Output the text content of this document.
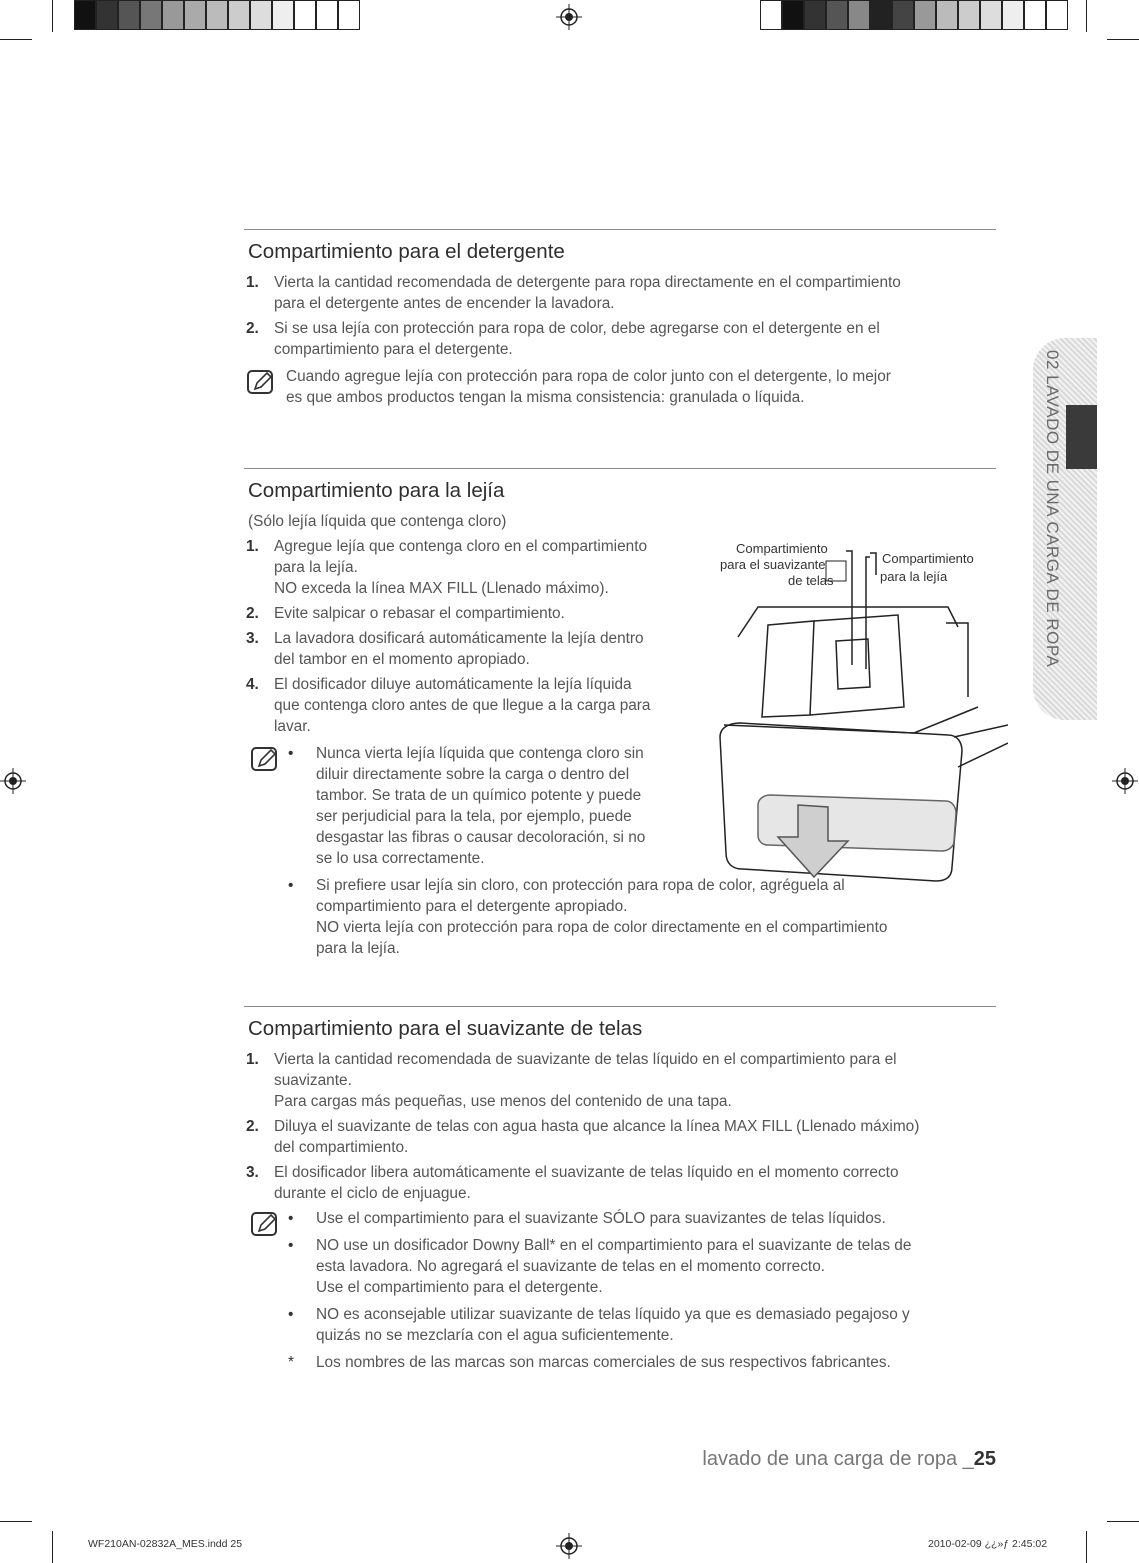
Compartimiento para el detergente
1. Vierta la cantidad recomendada de detergente para ropa directamente en el compartimiento

para el detergente antes de encender la lavadora.

2. Si se usa lejía con protección para ropa de color, debe agregarse con el detergente en el

compartimiento para el detergente.

Cuando agregue lejía con protección para ropa de color junto con el detergente, lo mejor

es que ambos productos tengan la misma consistencia: granulada o líquida.

Compartimiento para la lejía

(Sólo lejía líquida que contenga cloro)

1. Agregue lejía que contenga cloro en el compartimiento

para la lejía.

NO exceda la línea MAX FILL (Llenado máximo).

2. Evite salpicar o rebasar el compartimiento.

3. La lavadora dosificará automáticamente la lejía dentro

del tambor en el momento apropiado.

4. El dosificador diluye automáticamente la lejía líquida

que contenga cloro antes de que llegue a la carga para

lavar.

• Nunca vierta lejía líquida que contenga cloro sin

diluir directamente sobre la carga o dentro del

tambor. Se trata de un químico potente y puede

ser perjudicial para la tela, por ejemplo, puede

desgastar las fibras o causar decoloración, si no

se lo usa correctamente.

• Si prefiere usar lejía sin cloro, con protección para ropa de color, agréguela al

compartimiento para el detergente apropiado.

NO vierta lejía con protección para ropa de color directamente en el compartimiento

para la lejía.

Compartimiento
para el suavizante
de telas
Compartimiento
para la lejía
Compartimiento para el suavizante de telas
1. Vierta la cantidad recomendada de suavizante de telas líquido en el compartimiento para el

suavizante.

Para cargas más pequeñas, use menos del contenido de una tapa.

2. Diluya el suavizante de telas con agua hasta que alcance la línea MAX FILL (Llenado máximo)

del compartimiento.

3. El dosificador libera automáticamente el suavizante de telas líquido en el momento correcto

durante el ciclo de enjuague.

• Use el compartimiento para el suavizante SÓLO para suavizantes de telas líquidos.

• NO use un dosificador Downy Ball* en el compartimiento para el suavizante de telas de

esta lavadora. No agregará el suavizante de telas en el momento correcto.

Use el compartimiento para el detergente.

• NO es aconsejable utilizar suavizante de telas líquido ya que es demasiado pegajoso y

quizás no se mezclaría con el agua suficientemente.

* Los nombres de las marcas son marcas comerciales de sus respectivos fabricantes.

02 LAVADO DE UNA CARGA DE ROPA
lavado de una carga de ropa _25
WF210AN-02832A_MES.indd 25	2010-02-09 ¿¿»ƒ 2:45:02
